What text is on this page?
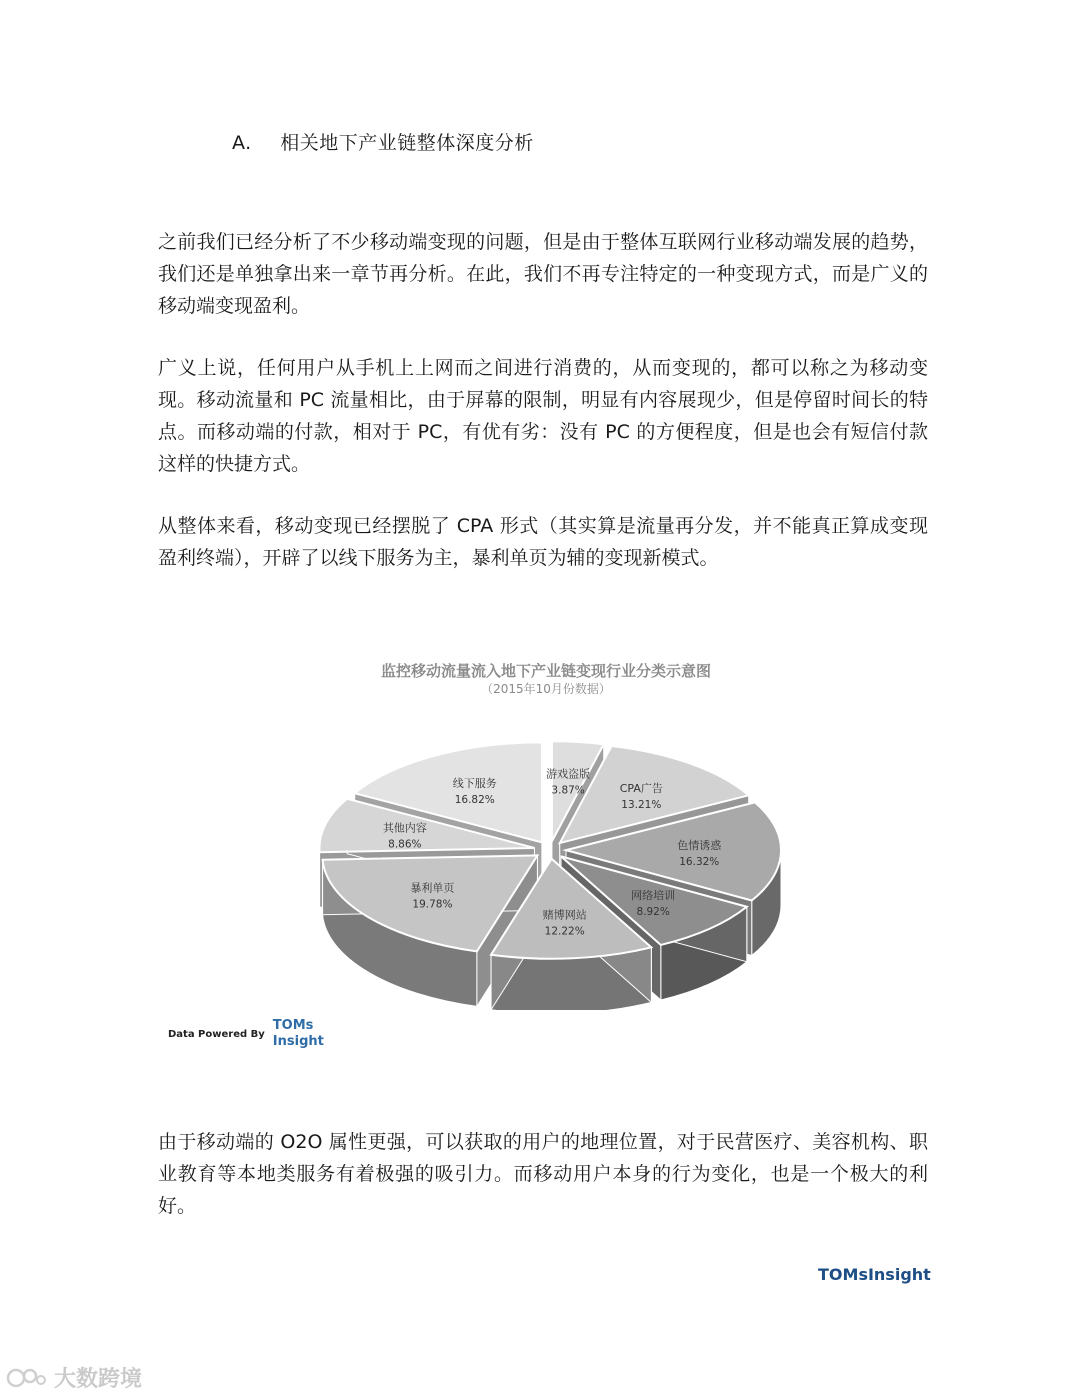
A. 相关地下产业链整体深度分析

之前我们已经分析了不少移动端变现的问题，但是由于整体互联网行业移动端发展的趋势，我们还是单独拿出来一章节再分析。在此，我们不再专注特定的一种变现方式，而是广义的移动端变现盈利。

广义上说，任何用户从手机上上网而之间进行消费的，从而变现的，都可以称之为移动变现。移动流量和 PC 流量相比，由于屏幕的限制，明显有内容展现少，但是停留时间长的特点。而移动端的付款，相对于 PC，有优有劣：没有 PC 的方便程度，但是也会有短信付款这样的快捷方式。

从整体来看，移动变现已经摆脱了 CPA 形式（其实算是流量再分发，并不能真正算成变现盈利终端），开辟了以线下服务为主，暴利单页为辅的变现新模式。

监控移动流量流入地下产业链变现行业分类示意图
（2015年10月份数据）
游戏盗版
3.87%	CPA广告
13.21%
色情诱惑
16.32%
网络培训
8.92%
赌博网站
12.22%
暴利单页
19.78%
其他内容
8.86%
线下服务
16.82%
Data Powered By
TOMs
Insight

由于移动端的 O2O 属性更强，可以获取的用户的地理位置，对于民营医疗、美容机构、职业教育等本地类服务有着极强的吸引力。而移动用户本身的行为变化，也是一个极大的利好。

TOMsInsight
大数跨境
